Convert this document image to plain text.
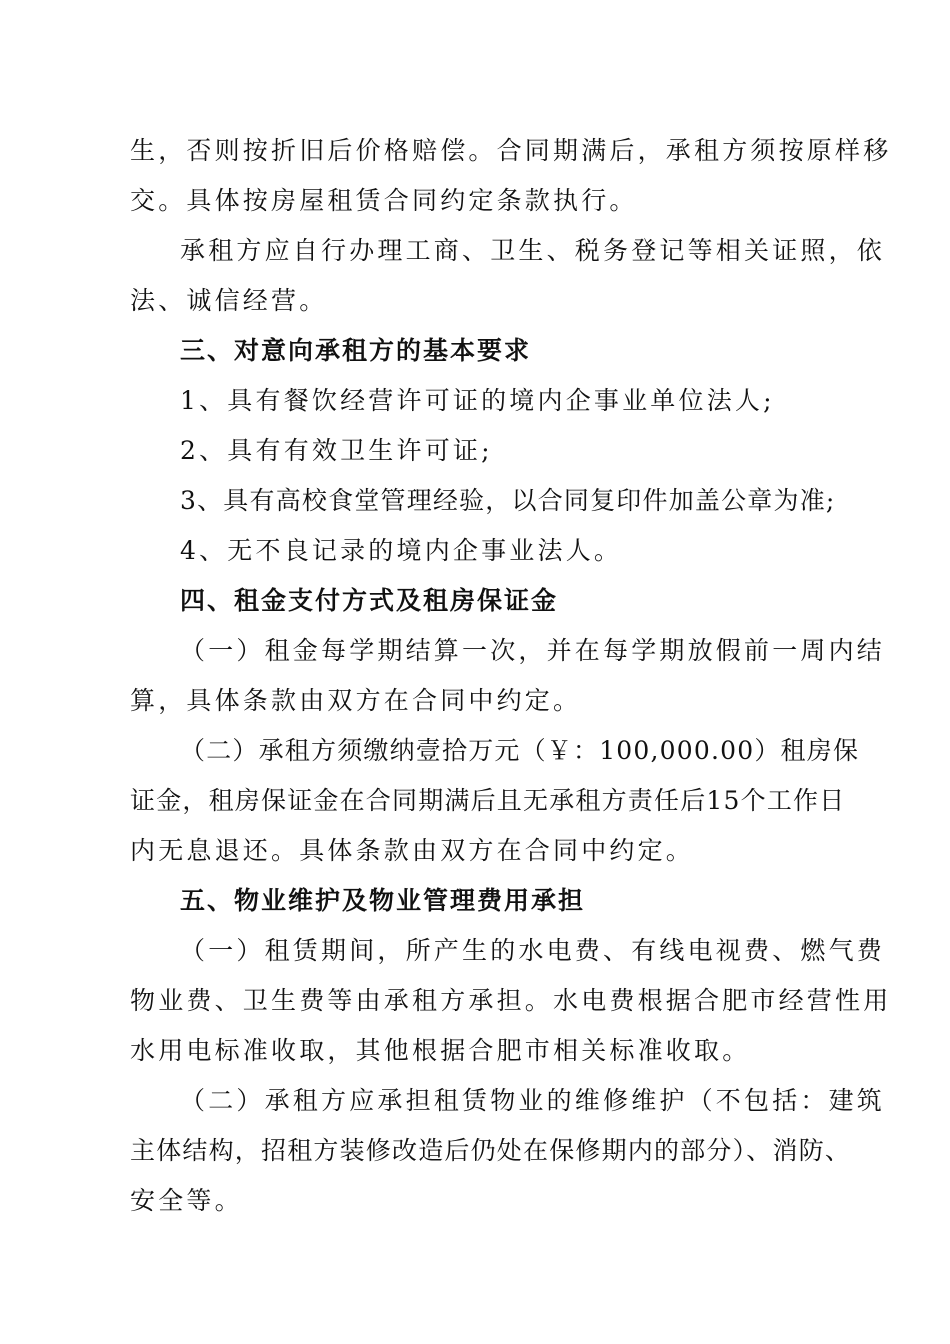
生，否则按折旧后价格赔偿。合同期满后，承租方须按原样移
交。具体按房屋租赁合同约定条款执行。
承租方应自行办理工商、卫生、税务登记等相关证照，依
法、诚信经营。
三、对意向承租方的基本要求
1、具有餐饮经营许可证的境内企事业单位法人;
2、具有有效卫生许可证;
3、具有高校食堂管理经验，以合同复印件加盖公章为准;
4、无不良记录的境内企事业法人。
四、租金支付方式及租房保证金
（一）租金每学期结算一次，并在每学期放假前一周内结
算，具体条款由双方在合同中约定。
（二）承租方须缴纳壹拾万元（￥：100,000.00）租房保
证金，租房保证金在合同期满后且无承租方责任后15个工作日
内无息退还。具体条款由双方在合同中约定。
五、物业维护及物业管理费用承担
（一）租赁期间，所产生的水电费、有线电视费、燃气费
物业费、卫生费等由承租方承担。水电费根据合肥市经营性用
水用电标准收取，其他根据合肥市相关标准收取。
（二）承租方应承担租赁物业的维修维护（不包括：建筑
主体结构，招租方装修改造后仍处在保修期内的部分）、消防、
安全等。
